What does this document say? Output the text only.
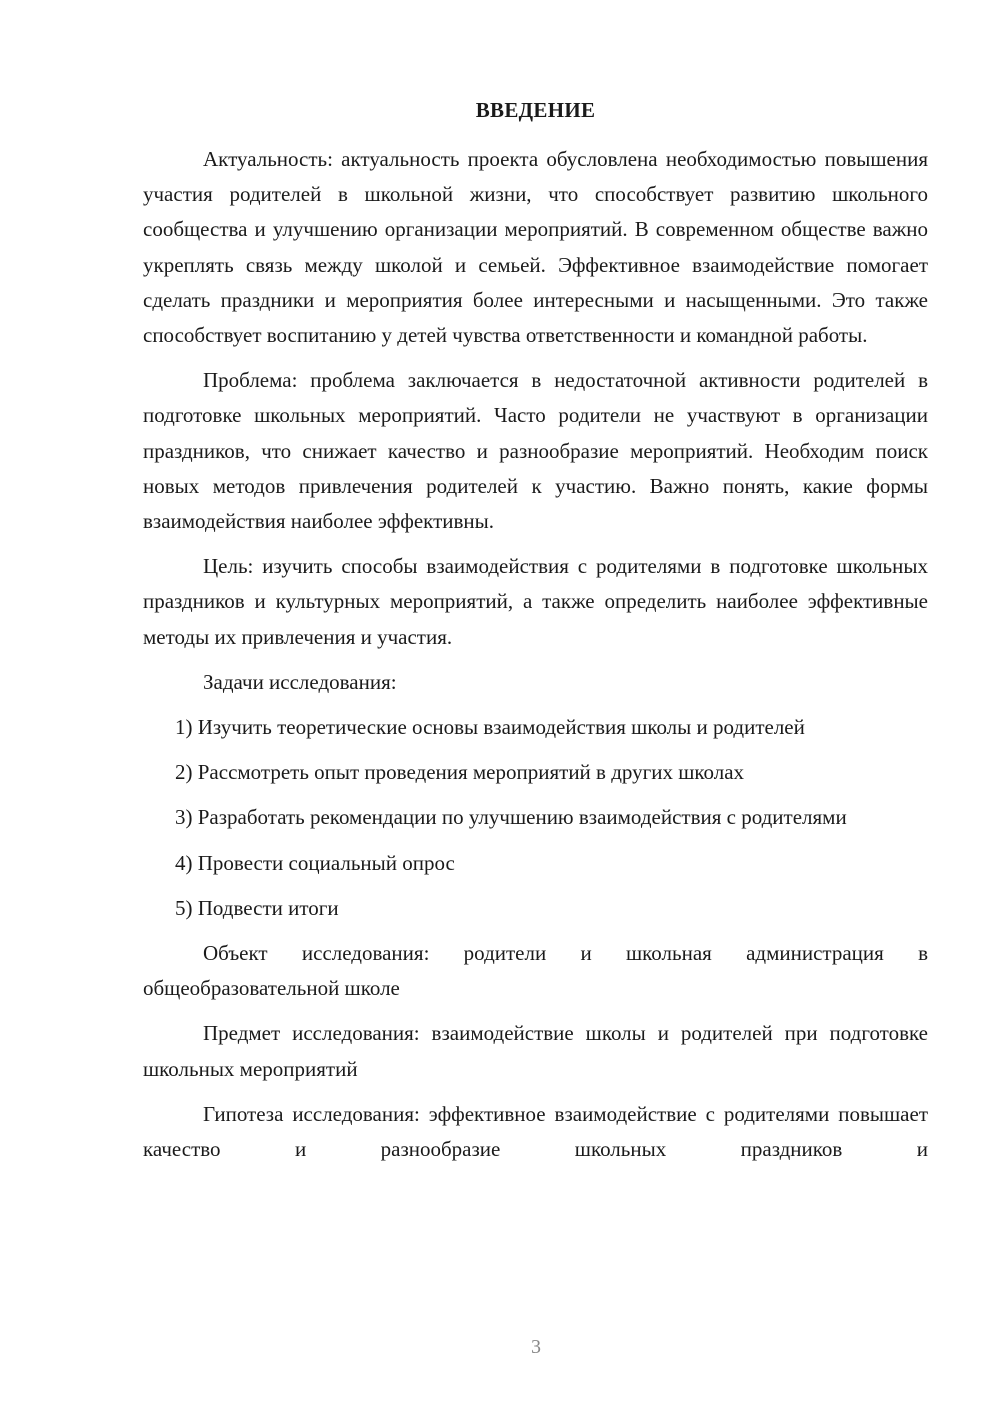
ВВЕДЕНИЕ

Актуальность: актуальность проекта обусловлена необходимостью повышения участия родителей в школьной жизни, что способствует развитию школьного сообщества и улучшению организации мероприятий. В современном обществе важно укреплять связь между школой и семьей. Эффективное взаимодействие помогает сделать праздники и мероприятия более интересными и насыщенными. Это также способствует воспитанию у детей чувства ответственности и командной работы.

Проблема: проблема заключается в недостаточной активности родителей в подготовке школьных мероприятий. Часто родители не участвуют в организации праздников, что снижает качество и разнообразие мероприятий. Необходим поиск новых методов привлечения родителей к участию. Важно понять, какие формы взаимодействия наиболее эффективны.

Цель: изучить способы взаимодействия с родителями в подготовке школьных праздников и культурных мероприятий, а также определить наиболее эффективные методы их привлечения и участия.

Задачи исследования:

1) Изучить теоретические основы взаимодействия школы и родителей

2) Рассмотреть опыт проведения мероприятий в других школах

3) Разработать рекомендации по улучшению взаимодействия с родителями

4) Провести социальный опрос

5) Подвести итоги

Объект исследования: родители и школьная администрация в общеобразовательной школе

Предмет исследования: взаимодействие школы и родителей при подготовке школьных мероприятий

Гипотеза исследования: эффективное взаимодействие с родителями повышает качество и разнообразие школьных праздников и

3
